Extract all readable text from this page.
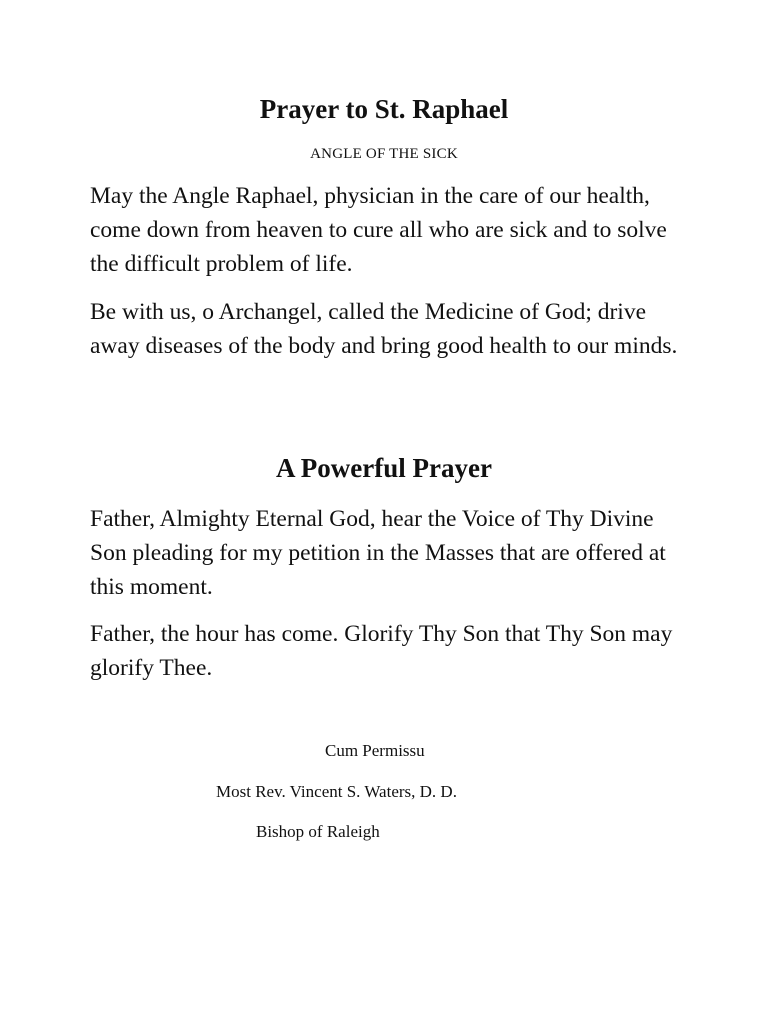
Prayer to St. Raphael

ANGLE OF THE SICK

May the Angle Raphael, physician in the care of our health, come down from heaven to cure all who are sick and to solve the difficult problem of life.

Be with us, o Archangel, called the Medicine of God; drive away diseases of the body and bring good health to our minds.

A Powerful Prayer

Father, Almighty Eternal God, hear the Voice of Thy Divine Son pleading for my petition in the Masses that are offered at this moment.

Father, the hour has come. Glorify Thy Son that Thy Son may glorify Thee.

Cum Permissu

Most Rev. Vincent S. Waters, D. D.

Bishop of Raleigh
